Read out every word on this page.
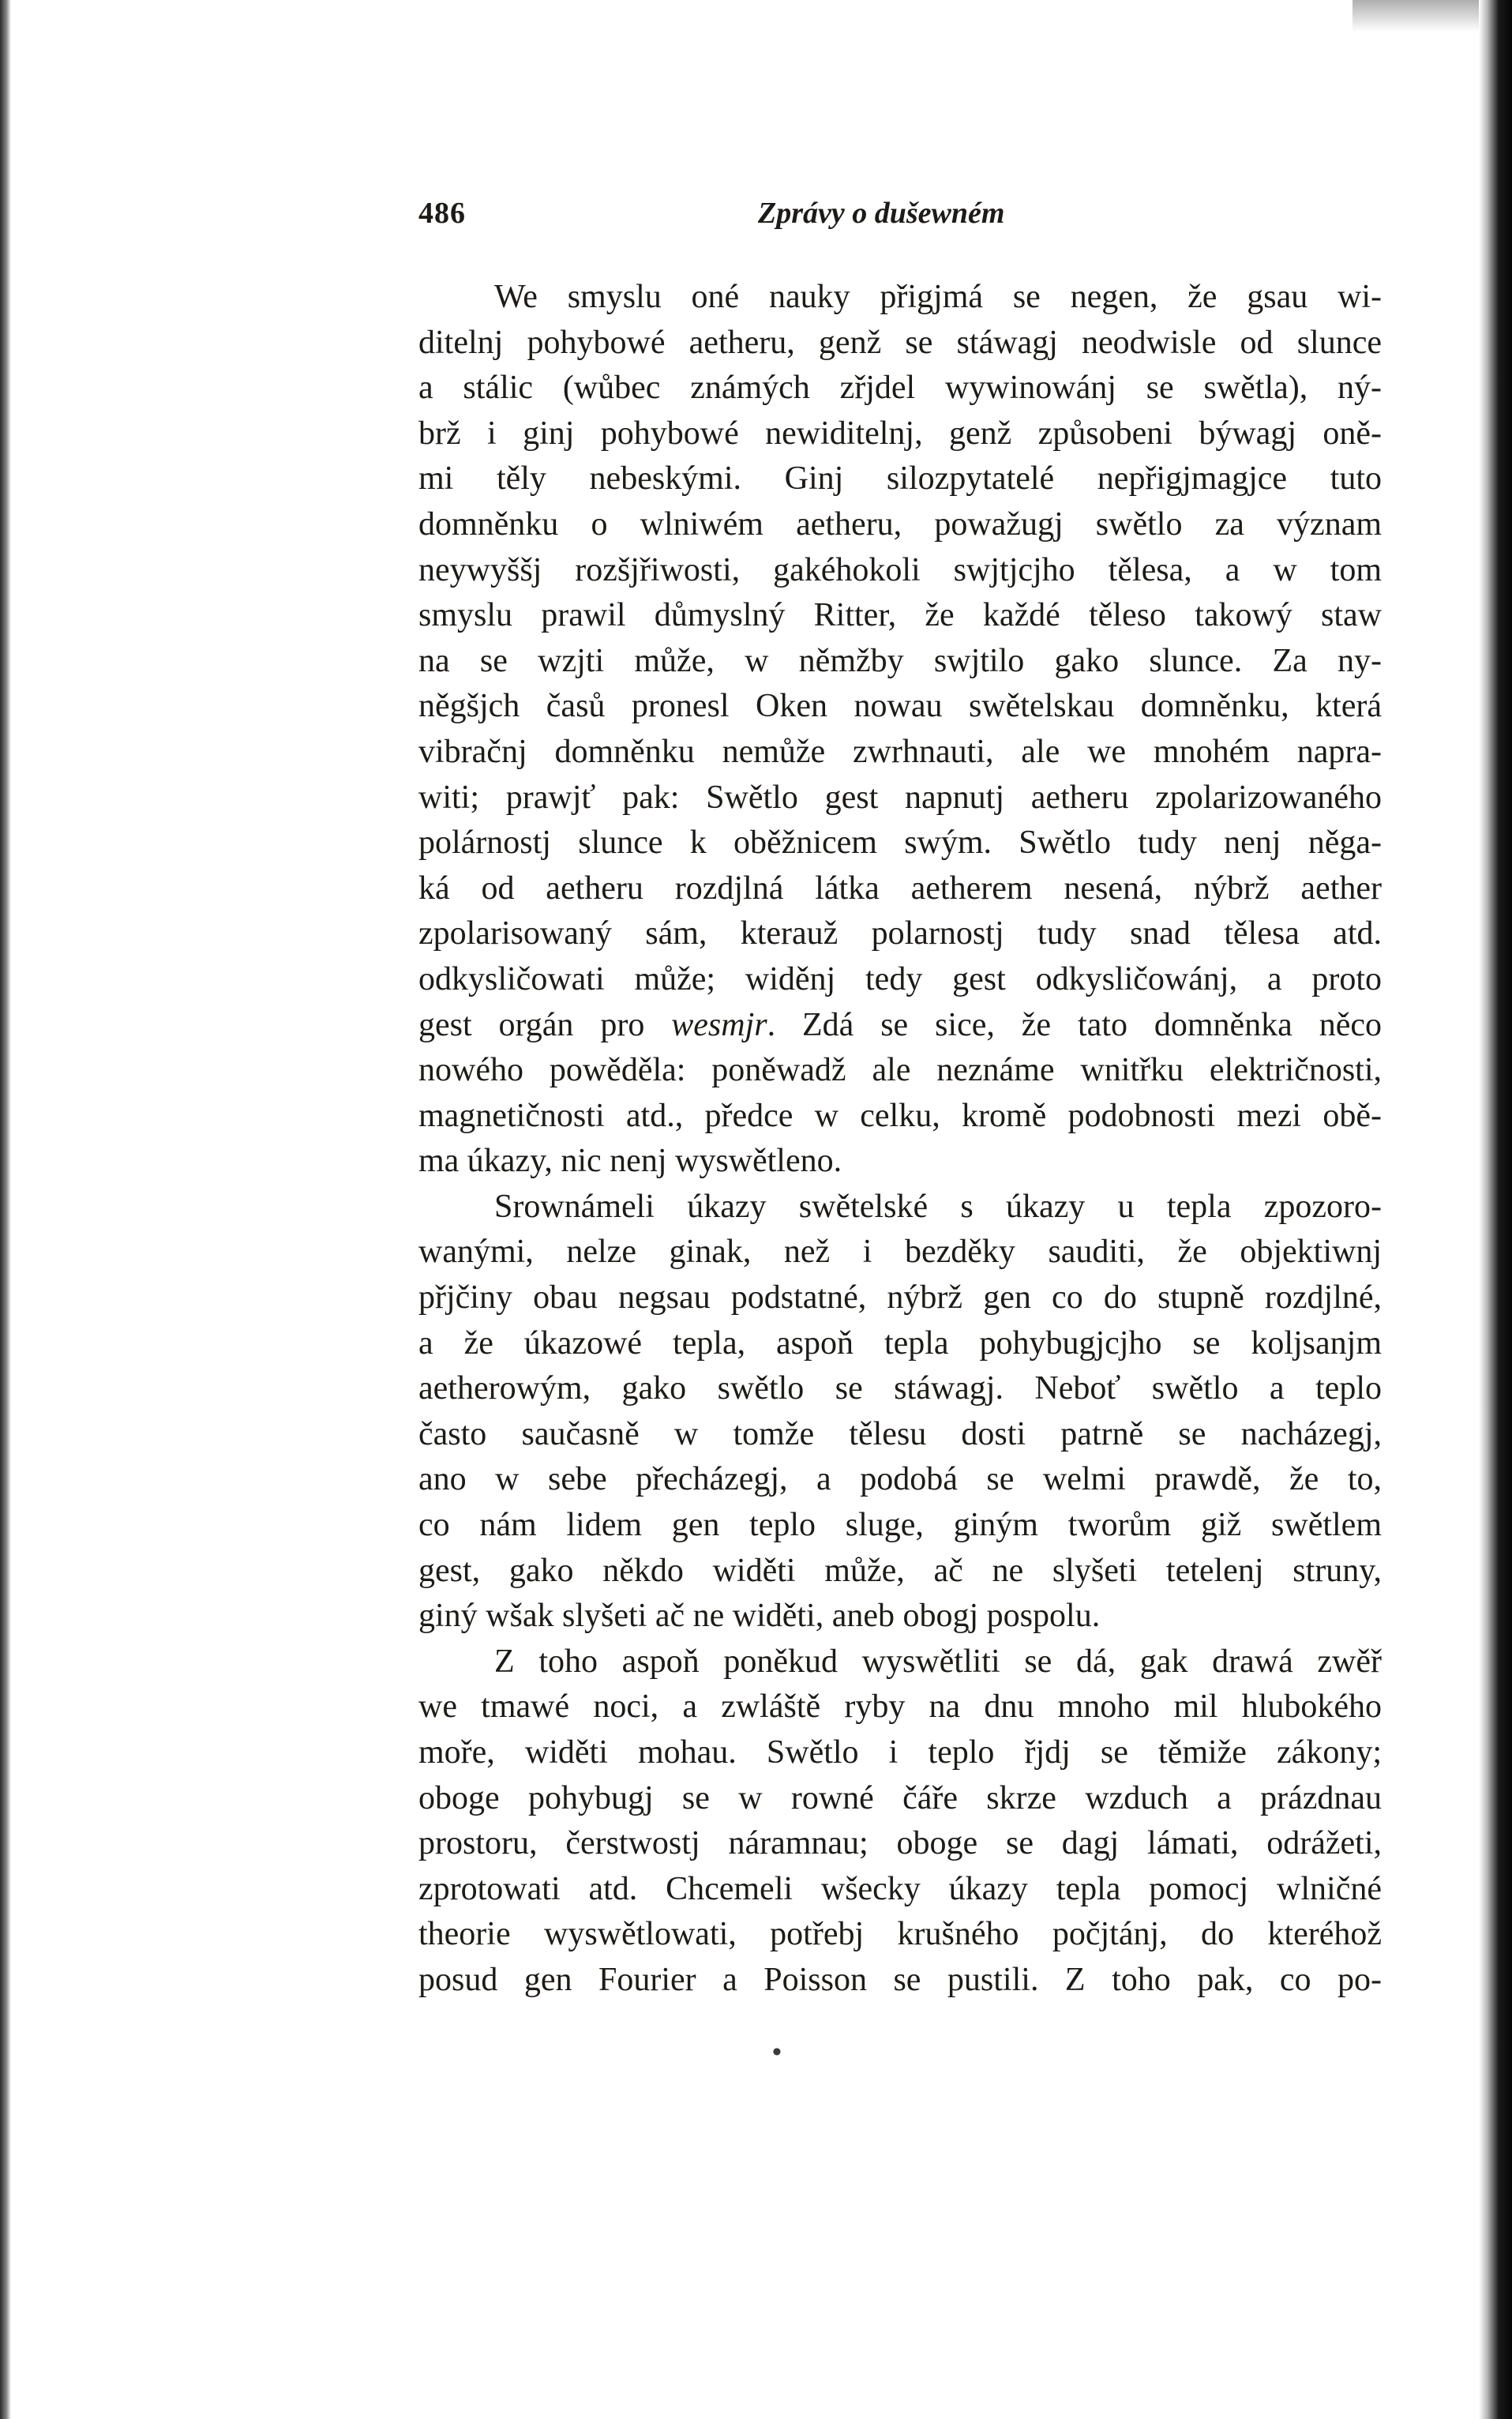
486	Zprávy o dušewném
We smyslu oné nauky přigjmá se negen, že gsau wi-
ditelnj pohybowé aetheru, genž se stáwagj neodwisle od slunce
a stálic (wůbec známých zřjdel wywinowánj se swětla), ný-
brž i ginj pohybowé newiditelnj, genž způsobeni býwagj oně-
mi těly nebeskými. Ginj silozpytatelé nepřigjmagjce tuto
domněnku o wlniwém aetheru, powažugj swětlo za význam
neywyššj rozšjřiwosti, gakéhokoli swjtjcjho tělesa, a w tom
smyslu prawil důmyslný Ritter, že každé těleso takowý staw
na se wzjti může, w němžby swjtilo gako slunce. Za ny-
něgšjch časů pronesl Oken nowau swětelskau domněnku, která
vibračnj domněnku nemůže zwrhnauti, ale we mnohém napra-
witi; prawjť pak: Swětlo gest napnutj aetheru zpolarizowaného
polárnostj slunce k oběžnicem swým. Swětlo tudy nenj něga-
ká od aetheru rozdjlná látka aetherem nesená, nýbrž aether
zpolarisowaný sám, kterauž polarnostj tudy snad tělesa atd.
odkysličowati může; widěnj tedy gest odkysličowánj, a proto
gest orgán pro wesmjr. Zdá se sice, že tato domněnka něco
nowého powěděla: poněwadž ale neznáme wnitřku električnosti,
magnetičnosti atd., předce w celku, kromě podobnosti mezi obě-
ma úkazy, nic nenj wyswětleno.
Srownámeli úkazy swětelské s úkazy u tepla zpozoro-
wanými, nelze ginak, než i bezděky sauditi, že objektiwnj
přjčiny obau negsau podstatné, nýbrž gen co do stupně rozdjlné,
a že úkazowé tepla, aspoň tepla pohybugjcjho se koljsanjm
aetherowým, gako swětlo se stáwagj. Neboť swětlo a teplo
často saučasně w tomže tělesu dosti patrně se nacházegj,
ano w sebe přecházegj, a podobá se welmi prawdě, že to,
co nám lidem gen teplo sluge, giným tworům giž swětlem
gest, gako někdo widěti může, ač ne slyšeti tetelenj struny,
giný wšak slyšeti ač ne widěti, aneb obogj pospolu.
Z toho aspoň poněkud wyswětliti se dá, gak drawá zwěř
we tmawé noci, a zwláště ryby na dnu mnoho mil hlubokého
moře, widěti mohau. Swětlo i teplo řjdj se těmiže zákony;
oboge pohybugj se w rowné čáře skrze wzduch a prázdnau
prostoru, čerstwostj náramnau; oboge se dagj lámati, odrážeti,
zprotowati atd. Chcemeli wšecky úkazy tepla pomocj wlničné
theorie wyswětlowati, potřebj krušného počjtánj, do kteréhož
posud gen Fourier a Poisson se pustili. Z toho pak, co po-
•
